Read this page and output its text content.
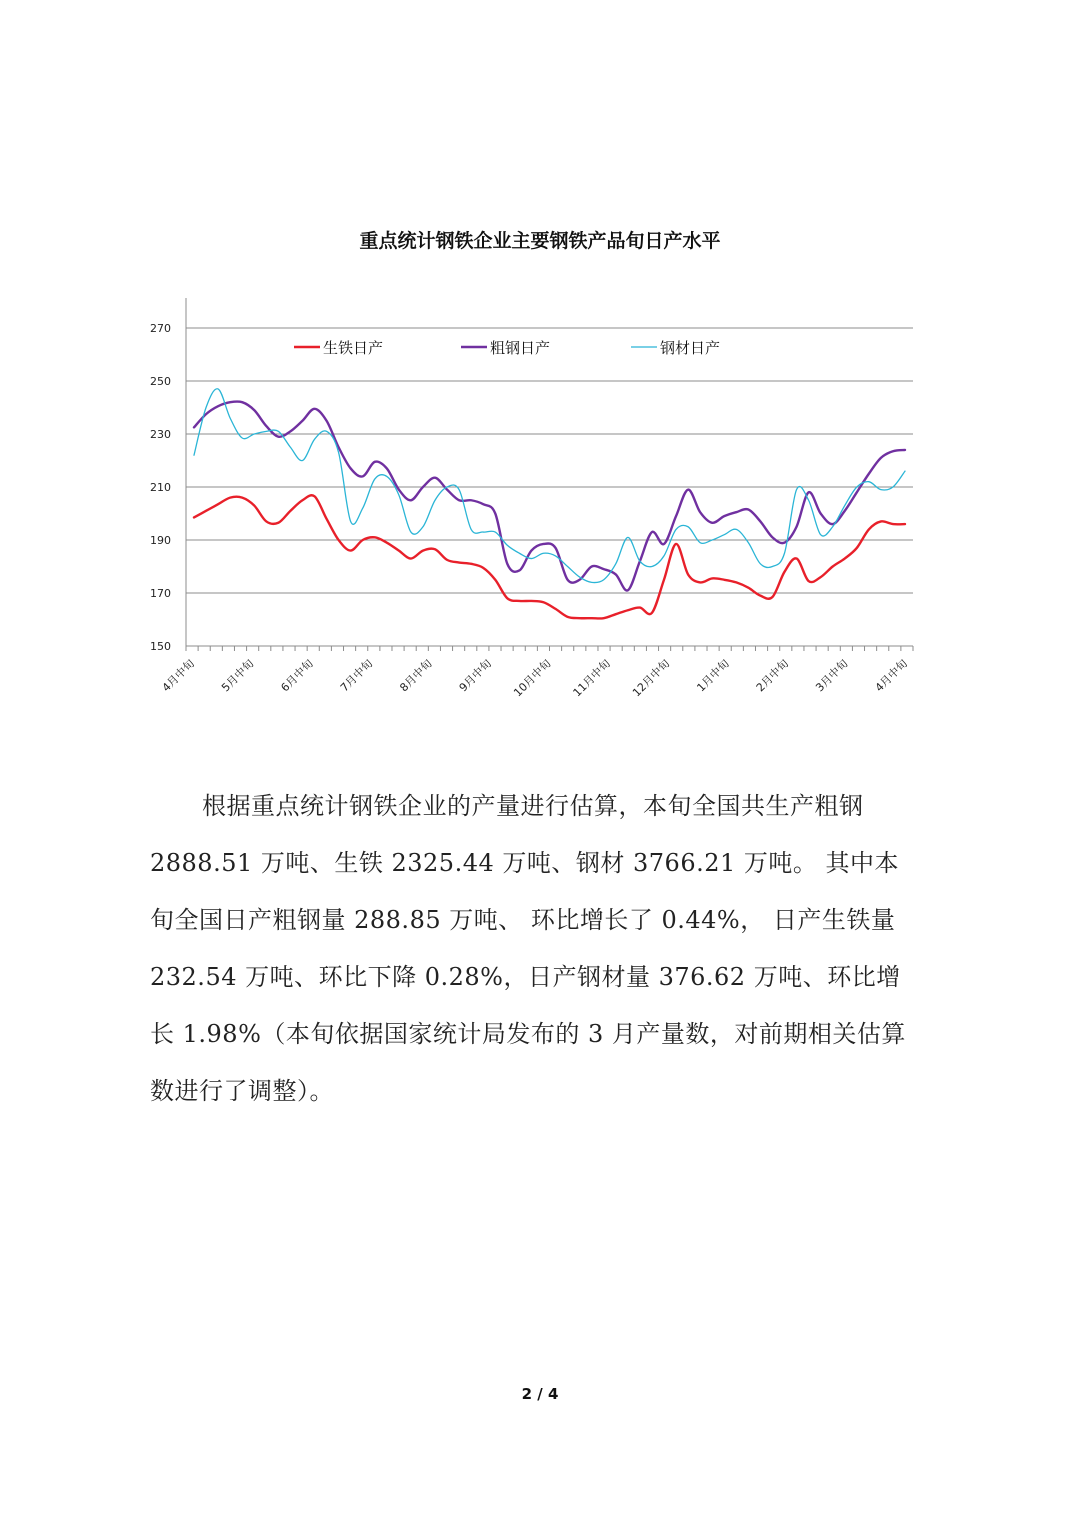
重点统计钢铁企业主要钢铁产品旬日产水平
150
170
190
210
230
250
270
4月中旬 5月中旬 6月中旬 7月中旬 8月中旬 9月中旬 10月中旬 11月中旬 12月中旬 1月中旬 2月中旬 3月中旬 4月中旬
生铁日产	粗钢日产	钢材日产
根据重点统计钢铁企业的产量进行估算，本旬全国共生产粗钢 2888.51 万吨、生铁 2325.44 万吨、钢材 3766.21 万吨。 其中本旬全国日产粗钢量 288.85 万吨、 环比增长了 0.44%， 日产生铁量 232.54 万吨、环比下降 0.28%，日产钢材量 376.62 万吨、环比增长 1.98%（本旬依据国家统计局发布的 3 月产量数，对前期相关估算数进行了调整）。
2 / 4
